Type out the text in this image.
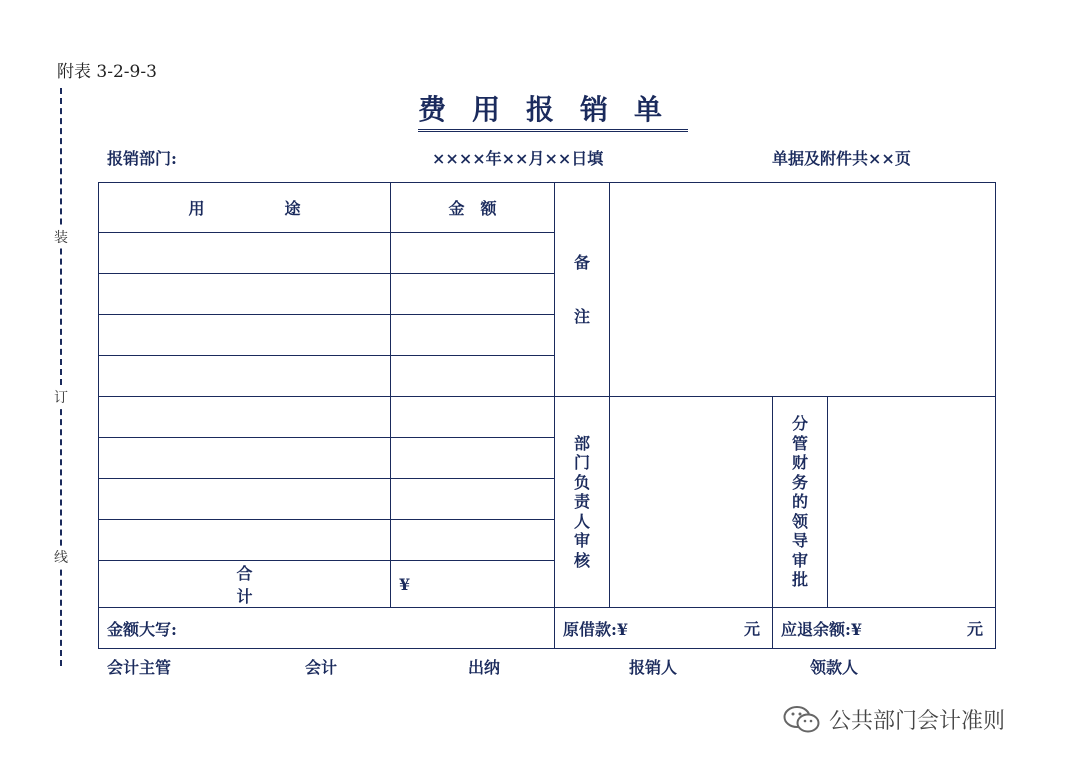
附表 3-2-9-3
装
订
线
费用报销单
报销部门:	××××年××月××日填	单据及附件共××页
用途	金额	备注			

		部门负责人审核		分管财务的领导审批	

合计	¥				
金额大写:		原借款:¥ 元		应退余额:¥ 元	
会计主管	会计	出纳	报销人	领款人
公共部门会计准则
